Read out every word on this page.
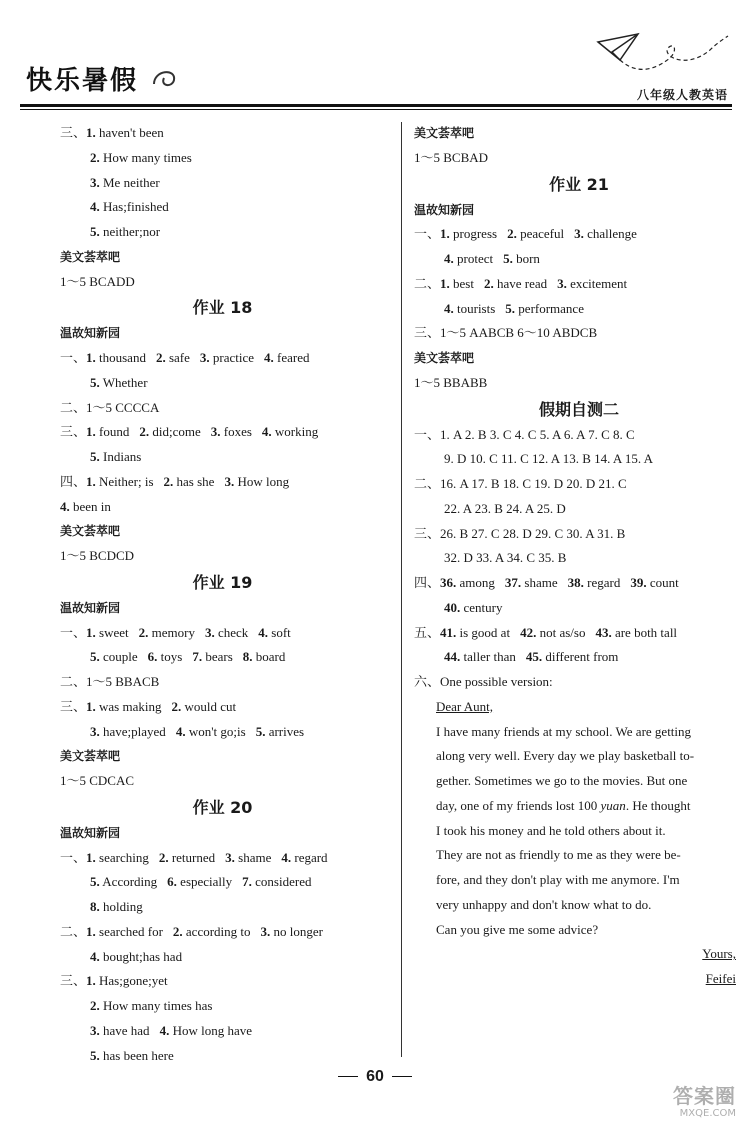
快乐暑假	八年级人教英语
三、1. haven't been
2. How many times
3. Me neither
4. Has;finished
5. neither;nor
美文荟萃吧
1～5 BCADD
作业 18
温故知新园
一、1. thousand 2. safe 3. practice 4. feared
5. Whether
二、1～5 CCCCA
三、1. found 2. did;come 3. foxes 4. working
5. Indians
四、1. Neither; is 2. has she 3. How long
4. been in
美文荟萃吧
1～5 BCDCD
作业 19
温故知新园
一、1. sweet 2. memory 3. check 4. soft
5. couple 6. toys 7. bears 8. board
二、1～5 BBACB
三、1. was making 2. would cut
3. have;played 4. won't go;is 5. arrives
美文荟萃吧
1～5 CDCAC
作业 20
温故知新园
一、1. searching 2. returned 3. shame 4. regard
5. According 6. especially 7. considered
8. holding
二、1. searched for 2. according to 3. no longer
4. bought;has had
三、1. Has;gone;yet
2. How many times has
3. have had 4. How long have
5. has been here
美文荟萃吧
1～5 BCBAD
作业 21
温故知新园
一、1. progress 2. peaceful 3. challenge
4. protect 5. born
二、1. best 2. have read 3. excitement
4. tourists 5. performance
三、1～5 AABCB 6～10 ABDCB
美文荟萃吧
1～5 BBABB
假期自测二
一、1. A 2. B 3. C 4. C 5. A 6. A 7. C 8. C
9. D 10. C 11. C 12. A 13. B 14. A 15. A
二、16. A 17. B 18. C 19. D 20. D 21. C
22. A 23. B 24. A 25. D
三、26. B 27. C 28. D 29. C 30. A 31. B
32. D 33. A 34. C 35. B
四、36. among 37. shame 38. regard 39. count
40. century
五、41. is good at 42. not as/so 43. are both tall
44. taller than 45. different from
六、One possible version:
Dear Aunt,
I have many friends at my school. We are getting
along very well. Every day we play basketball to-
gether. Sometimes we go to the movies. But one
day, one of my friends lost 100 yuan. He thought
I took his money and he told others about it.
They are not as friendly to me as they were be-
fore, and they don't play with me anymore. I'm
very unhappy and don't know what to do.
Can you give me some advice?
Yours,
Feifei
60
答案圈
MXQE.COM
